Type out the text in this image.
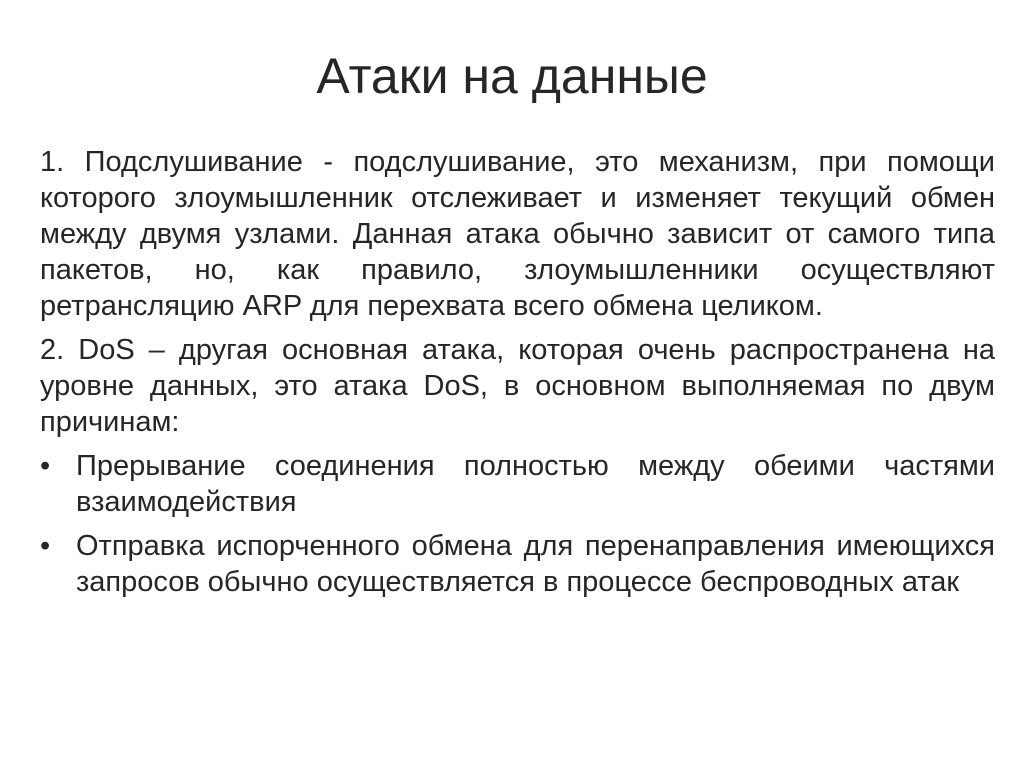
Атаки на данные

1. Подслушивание - подслушивание, это механизм, при помощи которого злоумышленник отслеживает и изменяет текущий обмен между двумя узлами. Данная атака обычно зависит от самого типа пакетов, но, как правило, злоумышленники осуществляют ретрансляцию ARP для перехвата всего обмена целиком.

2. DoS – другая основная атака, которая очень распространена на уровне данных, это атака DoS, в основном выполняемая по двум причинам:

• Прерывание соединения полностью между обеими частями взаимодействия
• Отправка испорченного обмена для перенаправления имеющихся запросов обычно осуществляется в процессе беспроводных атак
